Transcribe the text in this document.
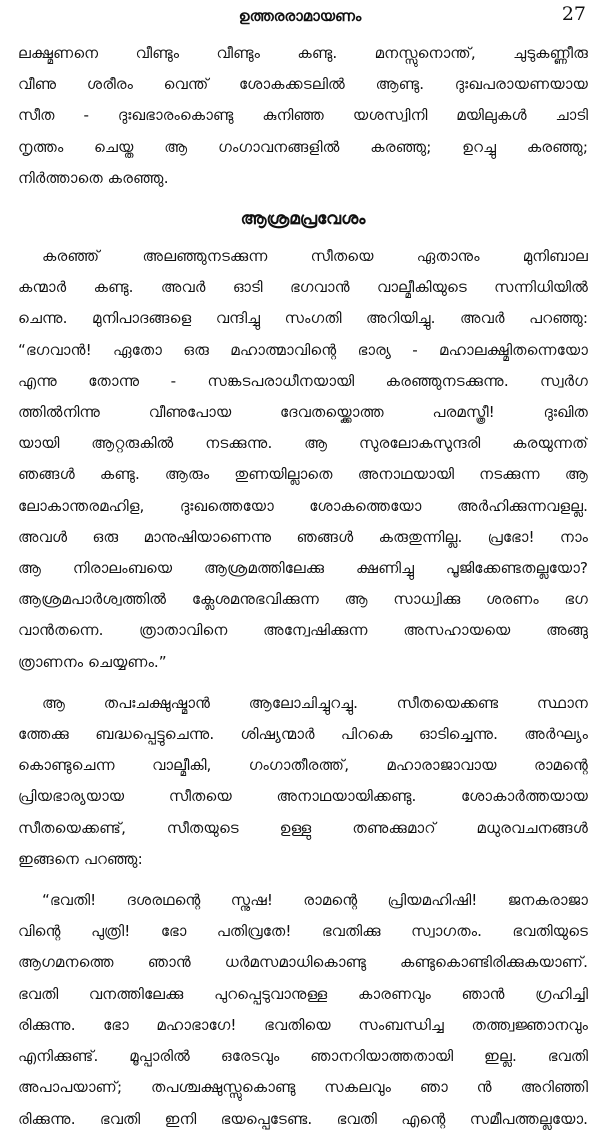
ഉത്തരരാമായണം	27
ലക്ഷ്മണനെ വീണ്ടും വീണ്ടും കണ്ടു. മനസ്സുനൊന്ത്, ചുടുകണ്ണീരു
വീണു ശരീരം വെന്ത് ശോകക്കടലിൽ ആണ്ടു. ദുഃഖപരായണയായ
സീത - ദുഃഖഭാരംകൊണ്ടു കുനിഞ്ഞ യശസ്വിനി മയിലുകൾ ചാടി
നൃത്തം ചെയ്ത ആ ഗംഗാവനങ്ങളിൽ കരഞ്ഞു; ഉറച്ചു കരഞ്ഞു;
നിർത്താതെ കരഞ്ഞു.
ആശ്രമപ്രവേശം
കരഞ്ഞ് അലഞ്ഞുനടക്കുന്ന സീതയെ ഏതാനും മുനിബാല
കന്മാർ കണ്ടു. അവർ ഓടി ഭഗവാൻ വാല്മീകിയുടെ സന്നിധിയിൽ
ചെന്നു. മുനിപാദങ്ങളെ വന്ദിച്ചു സംഗതി അറിയിച്ചു. അവർ പറഞ്ഞു:
“ഭഗവാൻ! ഏതോ ഒരു മഹാത്മാവിന്റെ ഭാര്യ - മഹാലക്ഷ്മിതന്നെയോ
എന്നു തോന്നു - സങ്കടപരാധീനയായി കരഞ്ഞുനടക്കുന്നു. സ്വർഗ
ത്തിൽനിന്നു വീണുപോയ ദേവതയ്ക്കൊത്ത പരമസ്ത്രീ! ദുഃഖിത
യായി ആറ്റരുകിൽ നടക്കുന്നു. ആ സുരലോകസുന്ദരി കരയുന്നത്
ഞങ്ങൾ കണ്ടു. ആരും തുണയില്ലാതെ അനാഥയായി നടക്കുന്ന ആ
ലോകാന്തരമഹിള, ദുഃഖത്തെയോ ശോകത്തെയോ അർഹിക്കുന്നവളല്ല.
അവൾ ഒരു മാനുഷിയാണെന്നു ഞങ്ങൾ കരുതുന്നില്ല. പ്രഭോ! നാം
ആ നിരാലംബയെ ആശ്രമത്തിലേക്കു ക്ഷണിച്ചു പൂജിക്കേണ്ടതല്ലയോ?
ആശ്രമപാർശ്വത്തിൽ ക്ലേശമനുഭവിക്കുന്ന ആ സാധ്വിക്കു ശരണം ഭഗ
വാൻതന്നെ. ത്രാതാവിനെ അന്വേഷിക്കുന്ന അസഹായയെ അങ്ങു
ത്രാണനം ചെയ്യണം.”
ആ തപഃചക്ഷുഷ്മാൻ ആലോചിച്ചുറച്ചു. സീതയെക്കണ്ട സ്ഥാന
ത്തേക്കു ബദ്ധപ്പെട്ടുചെന്നു. ശിഷ്യന്മാർ പിറകെ ഓടിച്ചെന്നു. അർഘ്യം
കൊണ്ടുചെന്ന വാല്മീകി, ഗംഗാതീരത്ത്, മഹാരാജാവായ രാമന്റെ
പ്രിയഭാര്യയായ സീതയെ അനാഥയായിക്കണ്ടു. ശോകാർത്തയായ
സീതയെക്കണ്ട്, സീതയുടെ ഉള്ളു തണുക്കുമാറ് മധുരവചനങ്ങൾ
ഇങ്ങനെ പറഞ്ഞു:
“ഭവതി! ദശരഥന്റെ സ്നുഷ! രാമന്റെ പ്രിയമഹിഷി! ജനകരാജാ
വിന്റെ പുത്രി! ഭോ പതിവ്രതേ! ഭവതിക്കു സ്വാഗതം. ഭവതിയുടെ
ആഗമനത്തെ ഞാൻ ധർമസമാധികൊണ്ടു കണ്ടുകൊണ്ടിരിക്കുകയാണ്.
ഭവതി വനത്തിലേക്കു പുറപ്പെടുവാനുള്ള കാരണവും ഞാൻ ഗ്രഹിച്ചി
രിക്കുന്നു. ഭോ മഹാഭാഗേ! ഭവതിയെ സംബന്ധിച്ച തത്ത്വജ്ഞാനവും
എനിക്കുണ്ട്. മൂപ്പാരിൽ ഒരേടവും ഞാനറിയാത്തതായി ഇല്ല. ഭവതി
അപാപയാണ്; തപശ്ചക്ഷുസ്സുകൊണ്ടു സകലവും ഞാ ൻ അറിഞ്ഞി
രിക്കുന്നു. ഭവതി ഇനി ഭയപ്പെടേണ്ട. ഭവതി എന്റെ സമീപത്തല്ലയോ.
